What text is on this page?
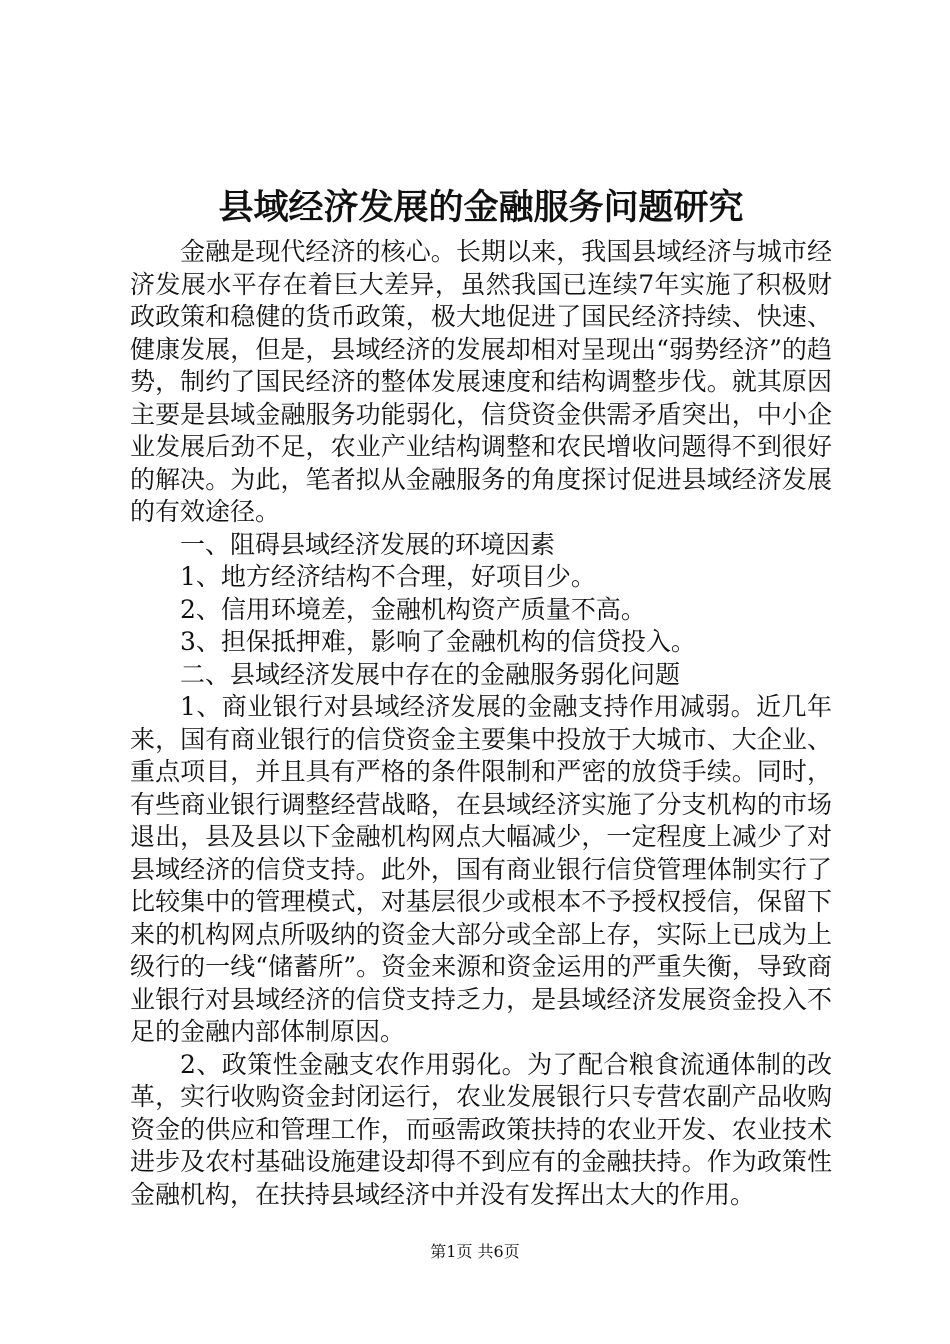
县域经济发展的金融服务问题研究

金融是现代经济的核心。长期以来，我国县域经济与城市经济发展水平存在着巨大差异，虽然我国已连续7年实施了积极财政政策和稳健的货币政策，极大地促进了国民经济持续、快速、健康发展，但是，县域经济的发展却相对呈现出“弱势经济”的趋势，制约了国民经济的整体发展速度和结构调整步伐。就其原因主要是县域金融服务功能弱化，信贷资金供需矛盾突出，中小企业发展后劲不足，农业产业结构调整和农民增收问题得不到很好的解决。为此，笔者拟从金融服务的角度探讨促进县域经济发展的有效途径。

一、阻碍县域经济发展的环境因素

1、地方经济结构不合理，好项目少。

2、信用环境差，金融机构资产质量不高。

3、担保抵押难，影响了金融机构的信贷投入。

二、县域经济发展中存在的金融服务弱化问题

1、商业银行对县域经济发展的金融支持作用减弱。近几年来，国有商业银行的信贷资金主要集中投放于大城市、大企业、重点项目，并且具有严格的条件限制和严密的放贷手续。同时，有些商业银行调整经营战略，在县域经济实施了分支机构的市场退出，县及县以下金融机构网点大幅减少，一定程度上减少了对县域经济的信贷支持。此外，国有商业银行信贷管理体制实行了比较集中的管理模式，对基层很少或根本不予授权授信，保留下来的机构网点所吸纳的资金大部分或全部上存，实际上已成为上级行的一线“储蓄所”。资金来源和资金运用的严重失衡，导致商业银行对县域经济的信贷支持乏力，是县域经济发展资金投入不足的金融内部体制原因。

2、政策性金融支农作用弱化。为了配合粮食流通体制的改革，实行收购资金封闭运行，农业发展银行只专营农副产品收购资金的供应和管理工作，而亟需政策扶持的农业开发、农业技术进步及农村基础设施建设却得不到应有的金融扶持。作为政策性金融机构，在扶持县域经济中并没有发挥出太大的作用。

第1页 共6页
